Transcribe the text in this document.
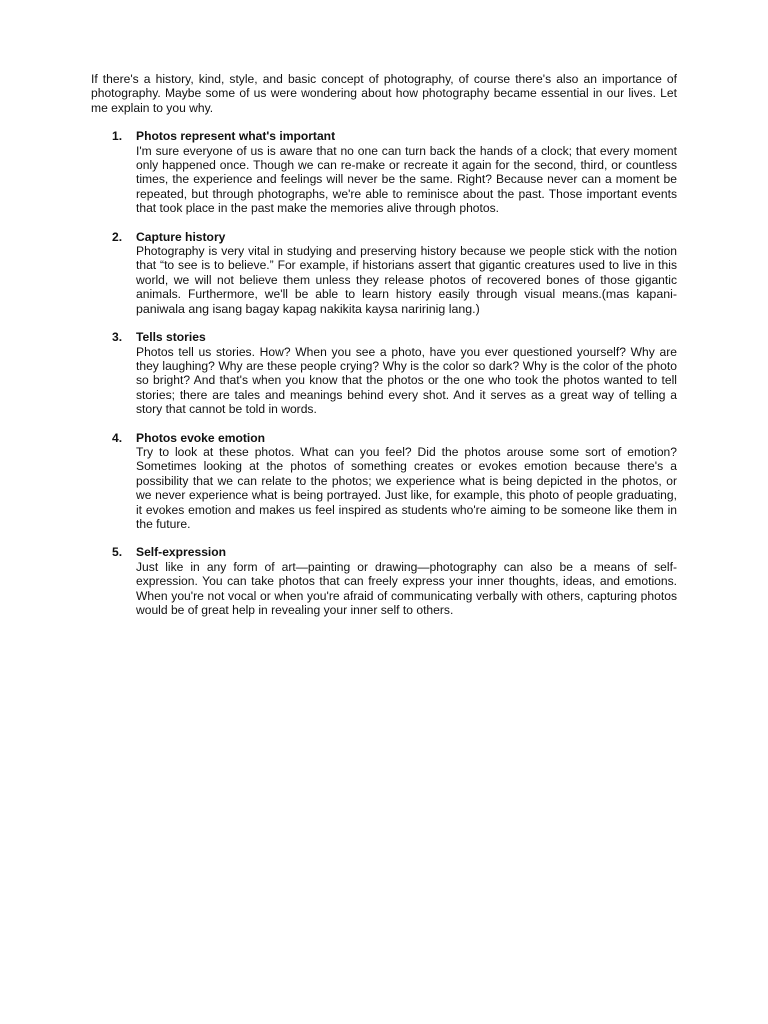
If there's a history, kind, style, and basic concept of photography, of course there's also an importance of photography. Maybe some of us were wondering about how photography became essential in our lives. Let me explain to you why.

1. Photos represent what's important

I'm sure everyone of us is aware that no one can turn back the hands of a clock; that every moment only happened once. Though we can re-make or recreate it again for the second, third, or countless times, the experience and feelings will never be the same. Right? Because never can a moment be repeated, but through photographs, we're able to reminisce about the past. Those important events that took place in the past make the memories alive through photos.

2. Capture history

Photography is very vital in studying and preserving history because we people stick with the notion that “to see is to believe.” For example, if historians assert that gigantic creatures used to live in this world, we will not believe them unless they release photos of recovered bones of those gigantic animals. Furthermore, we'll be able to learn history easily through visual means.(mas kapani-paniwala ang isang bagay kapag nakikita kaysa naririnig lang.)

3. Tells stories

Photos tell us stories. How? When you see a photo, have you ever questioned yourself? Why are they laughing? Why are these people crying? Why is the color so dark? Why is the color of the photo so bright? And that's when you know that the photos or the one who took the photos wanted to tell stories; there are tales and meanings behind every shot. And it serves as a great way of telling a story that cannot be told in words.

4. Photos evoke emotion

Try to look at these photos. What can you feel? Did the photos arouse some sort of emotion? Sometimes looking at the photos of something creates or evokes emotion because there's a possibility that we can relate to the photos; we experience what is being depicted in the photos, or we never experience what is being portrayed. Just like, for example, this photo of people graduating, it evokes emotion and makes us feel inspired as students who're aiming to be someone like them in the future.

5. Self-expression

Just like in any form of art—painting or drawing—photography can also be a means of self-expression. You can take photos that can freely express your inner thoughts, ideas, and emotions. When you're not vocal or when you're afraid of communicating verbally with others, capturing photos would be of great help in revealing your inner self to others.
